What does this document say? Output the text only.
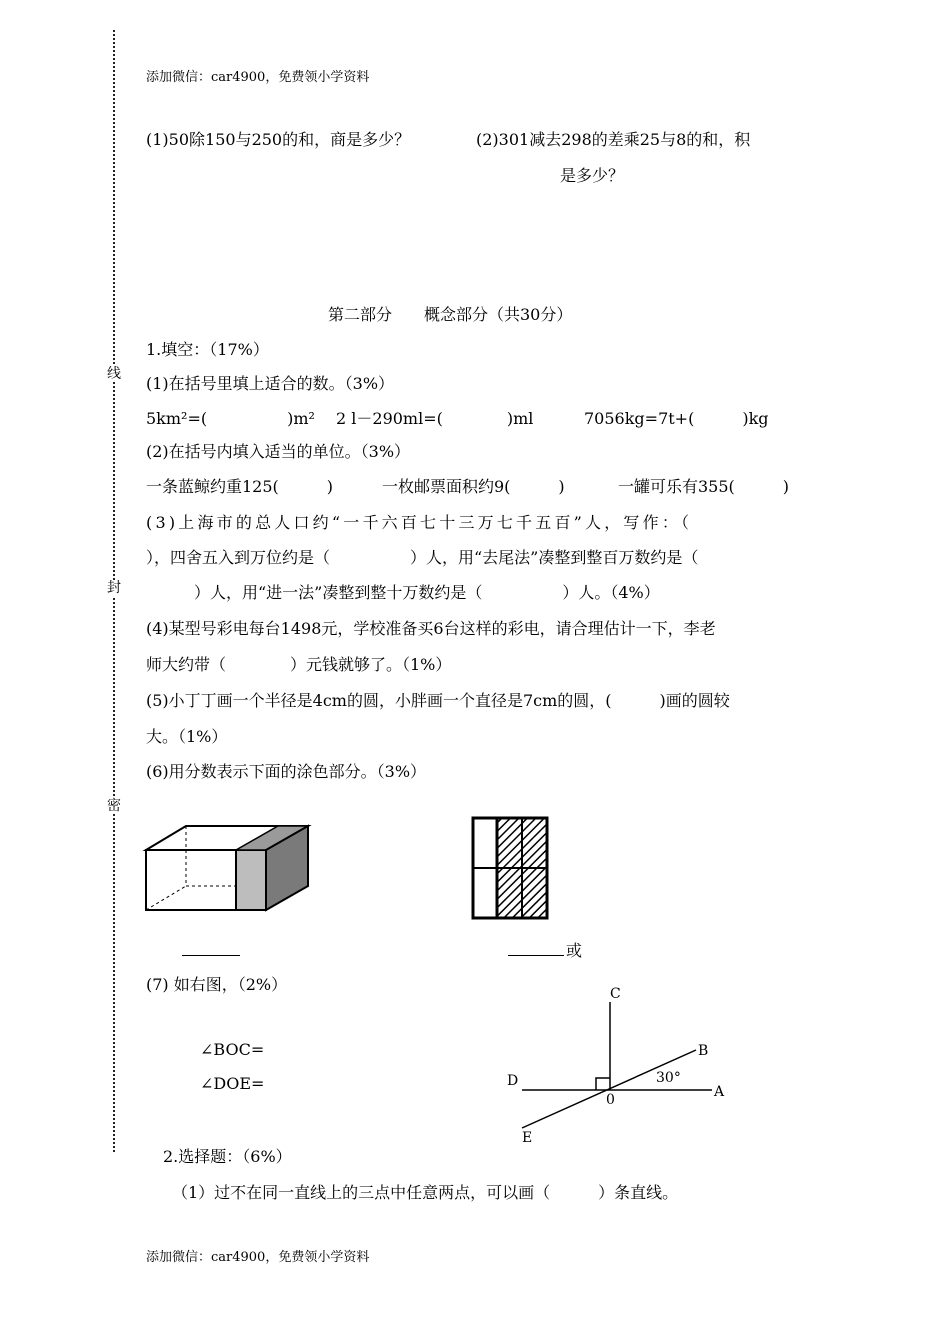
线
封
密
添加微信：car4900，免费领小学资料
(1)50除150与250的和，商是多少？	(2)301减去298的差乘25与8的和，积
是多少？
第二部分　　概念部分（共30分）
1.填空：（17%）
(1)在括号里填上适合的数。（3%）
5km²=(　　　　　)m² 2 l－290ml=(　　　　)ml	7056kg=7t+(　　　)kg
(2)在括号内填入适当的单位。（3%）
一条蓝鲸约重125(　　　)	一枚邮票面积约9(　　　)	一罐可乐有355(　　　)
(3)上海市的总人口约“一千六百七十三万七千五百”人，写作：（
），四舍五入到万位约是（　　　　　）人，用“去尾法”凑整到整百万数约是（
　　　）人，用“进一法”凑整到整十万数约是（　　　　　）人。（4%）
(4)某型号彩电每台1498元，学校准备买6台这样的彩电，请合理估计一下，李老
师大约带（　　　　）元钱就够了。（1%）
(5)小丁丁画一个半径是4cm的圆，小胖画一个直径是7cm的圆，(　　　)画的圆较
大。（1%）
(6)用分数表示下面的涂色部分。（3%）
或
(7) 如右图，（2%）
∠BOC=
∠DOE=
C
B
D
A
E
0
30°
2.选择题：（6%）
（1）过不在同一直线上的三点中任意两点，可以画（　　　）条直线。
添加微信：car4900，免费领小学资料
